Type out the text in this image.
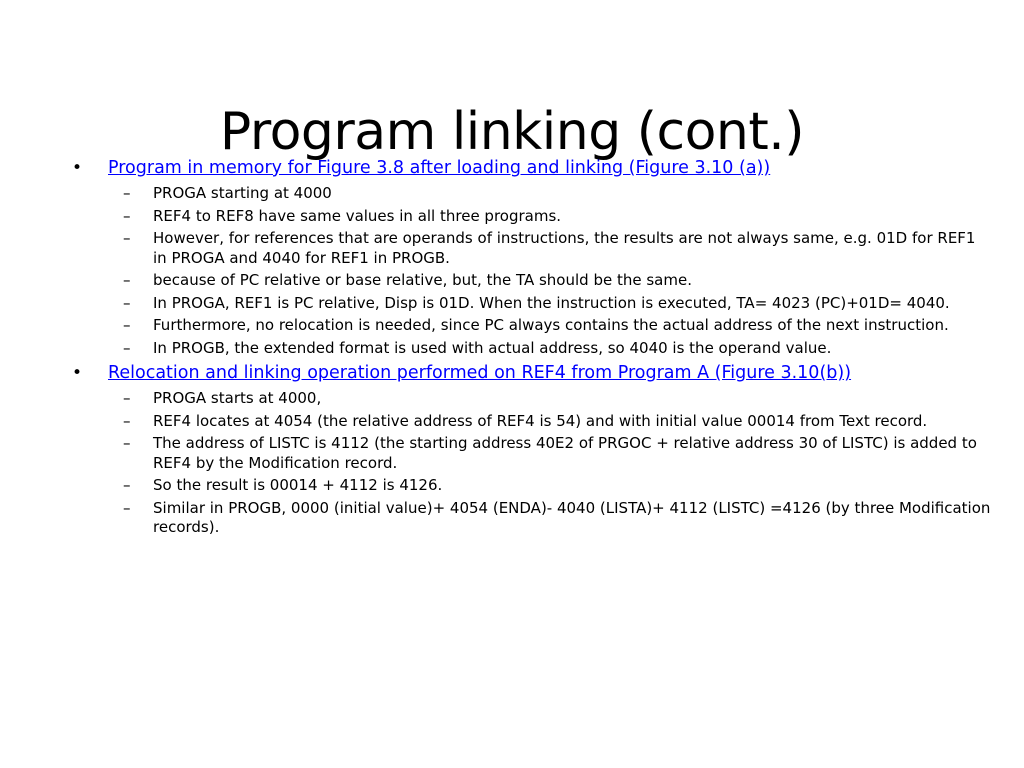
Program linking (cont.)
• Program in memory for Figure 3.8 after loading and linking (Figure 3.10 (a))
– PROGA starting at 4000
– REF4 to REF8 have same values in all three programs.
– However, for references that are operands of instructions, the results are not always same, e.g. 01D for REF1 in PROGA and 4040 for REF1 in PROGB.
– because of PC relative or base relative, but, the TA should be the same.
– In PROGA, REF1 is PC relative, Disp is 01D. When the instruction is executed, TA= 4023 (PC)+01D= 4040.
– Furthermore, no relocation is needed, since PC always contains the actual address of the next instruction.
– In PROGB, the extended format is used with actual address, so 4040 is the operand value.
• Relocation and linking operation performed on REF4 from Program A (Figure 3.10(b))
– PROGA starts at 4000,
– REF4 locates at 4054 (the relative address of REF4 is 54) and with initial value 00014 from Text record.
– The address of LISTC is 4112 (the starting address 40E2 of PRGOC + relative address 30 of LISTC) is added to REF4 by the Modification record.
– So the result is 00014 + 4112 is 4126.
– Similar in PROGB, 0000 (initial value)+ 4054 (ENDA)- 4040 (LISTA)+ 4112 (LISTC) =4126 (by three Modification records).
